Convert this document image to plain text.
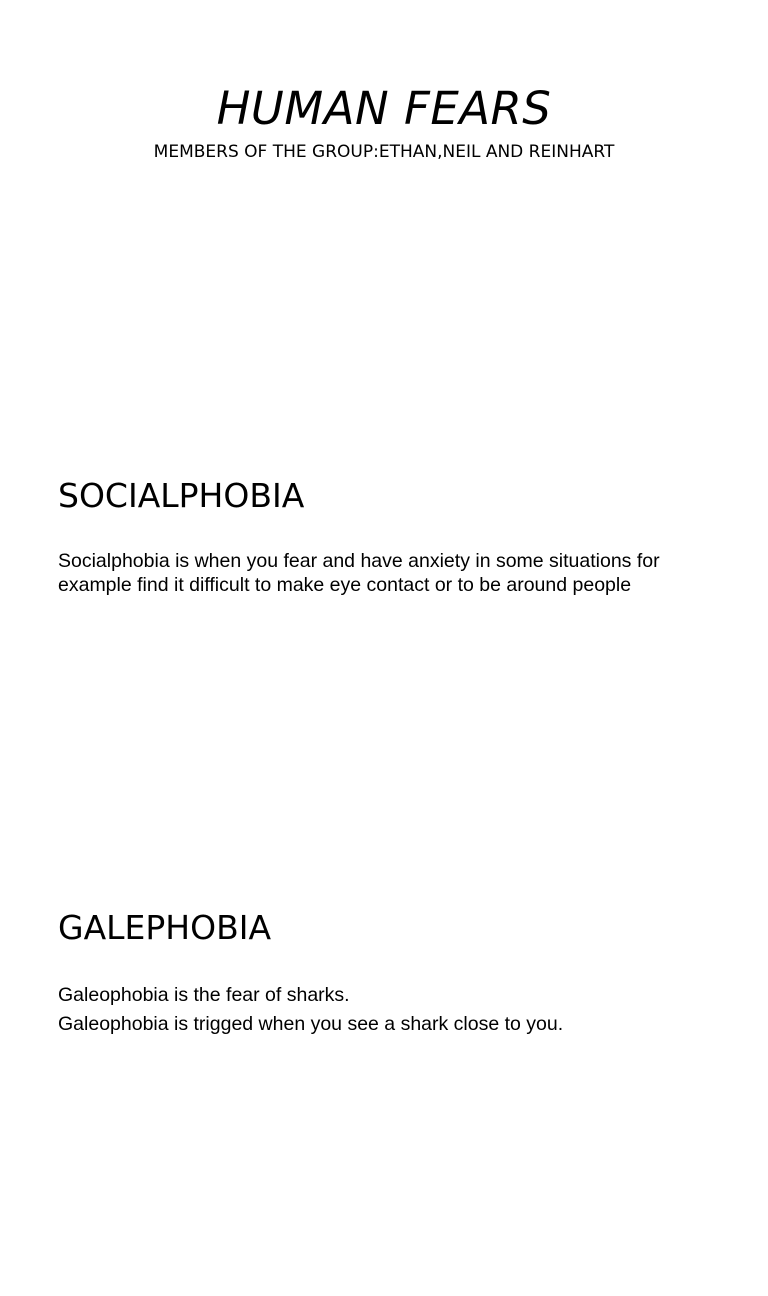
HUMAN FEARS
MEMBERS OF THE GROUP:ETHAN,NEIL AND REINHART
SOCIALPHOBIA

Socialphobia is when you fear and have anxiety in some situations for example find it difficult to make eye contact or to be around people

GALEPHOBIA

Galeophobia is the fear of sharks.

Galeophobia is trigged when you see a shark close to you.
